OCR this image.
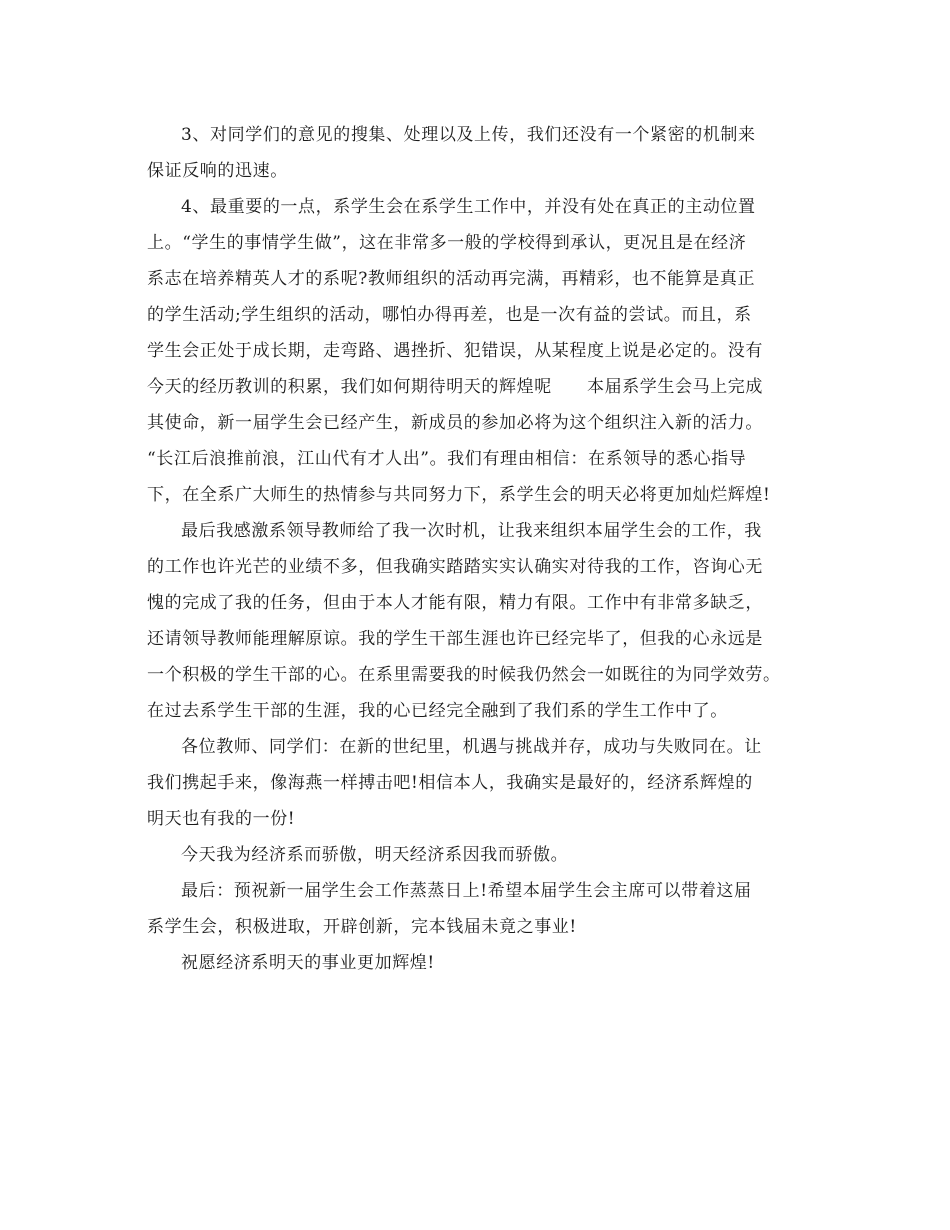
3、对同学们的意见的搜集、处理以及上传，我们还没有一个紧密的机制来
保证反响的迅速。
4、最重要的一点，系学生会在系学生工作中，并没有处在真正的主动位置
上。“学生的事情学生做”，这在非常多一般的学校得到承认，更况且是在经济
系志在培养精英人才的系呢?教师组织的活动再完满，再精彩，也不能算是真正
的学生活动;学生组织的活动，哪怕办得再差，也是一次有益的尝试。而且，系
学生会正处于成长期，走弯路、遇挫折、犯错误，从某程度上说是必定的。没有
今天的经历教训的积累，我们如何期待明天的辉煌呢　　本届系学生会马上完成
其使命，新一届学生会已经产生，新成员的参加必将为这个组织注入新的活力。
“长江后浪推前浪，江山代有才人出”。我们有理由相信：在系领导的悉心指导
下，在全系广大师生的热情参与共同努力下，系学生会的明天必将更加灿烂辉煌!
最后我感激系领导教师给了我一次时机，让我来组织本届学生会的工作，我
的工作也许光芒的业绩不多，但我确实踏踏实实认确实对待我的工作，咨询心无
愧的完成了我的任务，但由于本人才能有限，精力有限。工作中有非常多缺乏，
还请领导教师能理解原谅。我的学生干部生涯也许已经完毕了，但我的心永远是
一个积极的学生干部的心。在系里需要我的时候我仍然会一如既往的为同学效劳。
在过去系学生干部的生涯，我的心已经完全融到了我们系的学生工作中了。
各位教师、同学们：在新的世纪里，机遇与挑战并存，成功与失败同在。让
我们携起手来，像海燕一样搏击吧!相信本人，我确实是最好的，经济系辉煌的
明天也有我的一份!
今天我为经济系而骄傲，明天经济系因我而骄傲。
最后：预祝新一届学生会工作蒸蒸日上!希望本届学生会主席可以带着这届
系学生会，积极进取，开辟创新，完本钱届未竟之事业!
祝愿经济系明天的事业更加辉煌!
